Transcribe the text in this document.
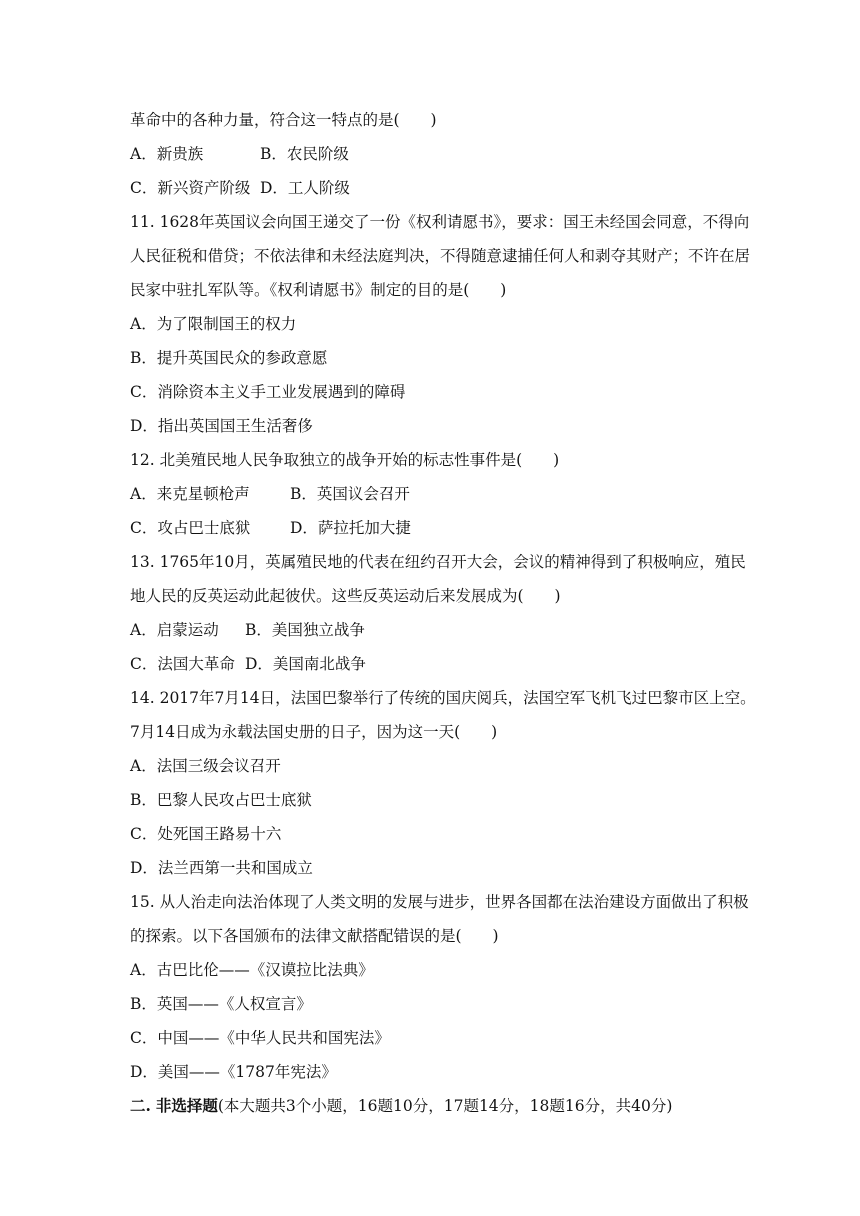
革命中的各种力量，符合这一特点的是(　　)
A．新贵族	B．农民阶级
C．新兴资产阶级 D．工人阶级
11. 1628年英国议会向国王递交了一份《权利请愿书》，要求：国王未经国会同意，不得向
人民征税和借贷；不依法律和未经法庭判决，不得随意逮捕任何人和剥夺其财产；不许在居
民家中驻扎军队等。《权利请愿书》制定的目的是(　　)
A．为了限制国王的权力
B．提升英国民众的参政意愿
C．消除资本主义手工业发展遇到的障碍
D．指出英国国王生活奢侈
12. 北美殖民地人民争取独立的战争开始的标志性事件是(　　)
A．来克星顿枪声	B．英国议会召开
C．攻占巴士底狱	D．萨拉托加大捷
13. 1765年10月，英属殖民地的代表在纽约召开大会，会议的精神得到了积极响应，殖民
地人民的反英运动此起彼伏。这些反英运动后来发展成为(　　)
A．启蒙运动 B．美国独立战争
C．法国大革命 D．美国南北战争
14. 2017年7月14日，法国巴黎举行了传统的国庆阅兵，法国空军飞机飞过巴黎市区上空。
7月14日成为永载法国史册的日子，因为这一天(　　)
A．法国三级会议召开
B．巴黎人民攻占巴士底狱
C．处死国王路易十六
D．法兰西第一共和国成立
15. 从人治走向法治体现了人类文明的发展与进步，世界各国都在法治建设方面做出了积极
的探索。以下各国颁布的法律文献搭配错误的是(　　)
A．古巴比伦——《汉谟拉比法典》
B．英国——《人权宣言》
C．中国——《中华人民共和国宪法》
D．美国——《1787年宪法》
二. 非选择题(本大题共3个小题，16题10分，17题14分，18题16分，共40分)
